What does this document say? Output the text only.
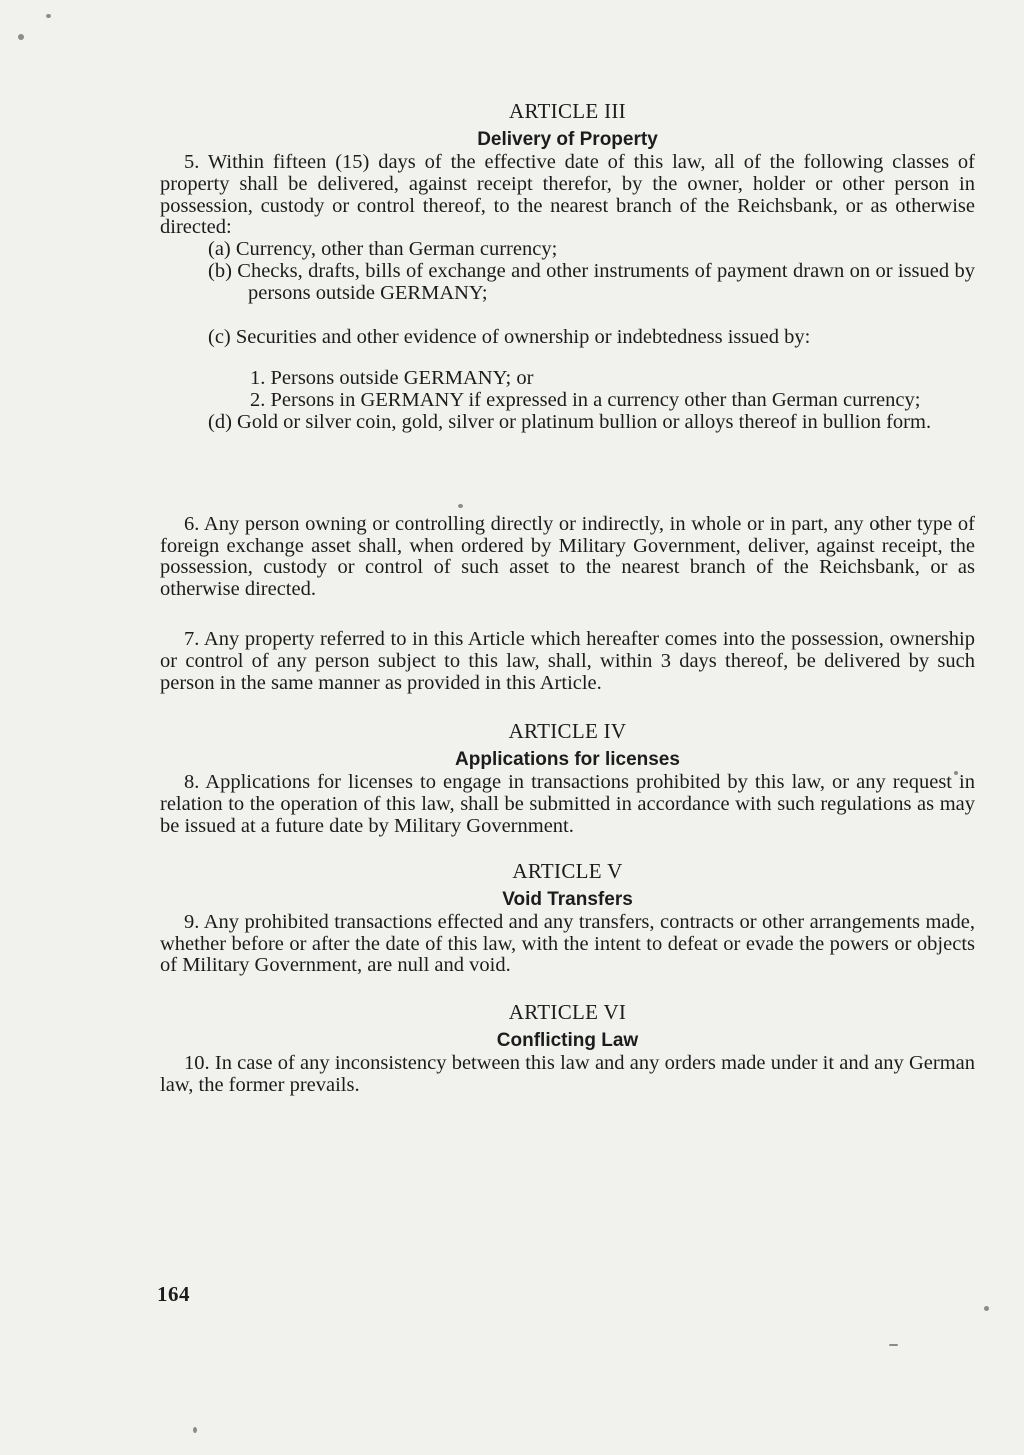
ARTICLE III

Delivery of Property

5. Within fifteen (15) days of the effective date of this law, all of the following classes of property shall be delivered, against receipt therefor, by the owner, holder or other person in possession, custody or control thereof, to the nearest branch of the Reichsbank, or as otherwise directed:

(a) Currency, other than German currency;

(b) Checks, drafts, bills of exchange and other instruments of payment drawn on or issued by persons outside GERMANY;

(c) Securities and other evidence of ownership or indebtedness issued by:

1. Persons outside GERMANY; or

2. Persons in GERMANY if expressed in a currency other than German currency;

(d) Gold or silver coin, gold, silver or platinum bullion or alloys thereof in bullion form.

6. Any person owning or controlling directly or indirectly, in whole or in part, any other type of foreign exchange asset shall, when ordered by Military Government, deliver, against receipt, the possession, custody or control of such asset to the nearest branch of the Reichsbank, or as otherwise directed.

7. Any property referred to in this Article which hereafter comes into the possession, ownership or control of any person subject to this law, shall, within 3 days thereof, be delivered by such person in the same manner as provided in this Article.

ARTICLE IV

Applications for licenses

8. Applications for licenses to engage in transactions prohibited by this law, or any request in relation to the operation of this law, shall be submitted in accordance with such regulations as may be issued at a future date by Military Government.

ARTICLE V

Void Transfers

9. Any prohibited transactions effected and any transfers, contracts or other arrangements made, whether before or after the date of this law, with the intent to defeat or evade the powers or objects of Military Government, are null and void.

ARTICLE VI

Conflicting Law

10. In case of any inconsistency between this law and any orders made under it and any German law, the former prevails.

164
